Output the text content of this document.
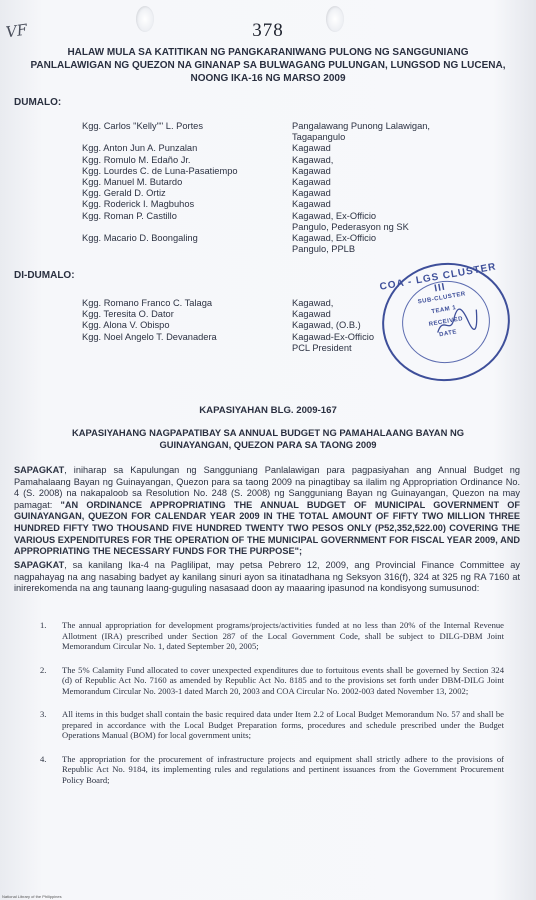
VF	378
HALAW MULA SA KATITIKAN NG PANGKARANIWANG PULONG NG SANGGUNIANG PANLALAWIGAN NG QUEZON NA GINANAP SA BULWAGANG PULUNGAN, LUNGSOD NG LUCENA, NOONG IKA-16 NG MARSO 2009
DUMALO:
Kgg. Carlos "Kelly"" L. Portes	Pangalawang Punong Lalawigan,
Tagapangulo
Kgg. Anton Jun A. Punzalan	Kagawad
Kgg. Romulo M. Edaño Jr.	Kagawad,
Kgg. Lourdes C. de Luna-Pasatiempo	Kagawad
Kgg. Manuel M. Butardo	Kagawad
Kgg. Gerald D. Ortiz	Kagawad
Kgg. Roderick I. Magbuhos	Kagawad
Kgg. Roman P. Castillo	Kagawad, Ex-Officio
Pangulo, Pederasyon ng SK
Kgg. Macario D. Boongaling	Kagawad, Ex-Officio
Pangulo, PPLB
DI-DUMALO:
Kgg. Romano Franco C. Talaga	Kagawad,
Kgg. Teresita O. Dator	Kagawad
Kgg. Alona V. Obispo	Kagawad, (O.B.)
Kgg. Noel Angelo T. Devanadera	Kagawad-Ex-Officio
PCL President
COA - LGS CLUSTER III
SUB-CLUSTER
TEAM 1
RECEIVED
DATE
KAPASIYAHAN BLG. 2009-167
KAPASIYAHANG NAGPAPATIBAY SA ANNUAL BUDGET NG PAMAHALAANG BAYAN NG GUINAYANGAN, QUEZON PARA SA TAONG 2009
SAPAGKAT, iniharap sa Kapulungan ng Sangguniang Panlalawigan para pagpasiyahan ang Annual Budget ng Pamahalaang Bayan ng Guinayangan, Quezon para sa taong 2009 na pinagtibay sa ilalim ng Appropriation Ordinance No. 4 (S. 2008) na nakapaloob sa Resolution No. 248 (S. 2008) ng Sangguniang Bayan ng Guinayangan, Quezon na may pamagat: "AN ORDINANCE APPROPRIATING THE ANNUAL BUDGET OF MUNICIPAL GOVERNMENT OF GUINAYANGAN, QUEZON FOR CALENDAR YEAR 2009 IN THE TOTAL AMOUNT OF FIFTY TWO MILLION THREE HUNDRED FIFTY TWO THOUSAND FIVE HUNDRED TWENTY TWO PESOS ONLY (P52,352,522.00) COVERING THE VARIOUS EXPENDITURES FOR THE OPERATION OF THE MUNICIPAL GOVERNMENT FOR FISCAL YEAR 2009, AND APPROPRIATING THE NECESSARY FUNDS FOR THE PURPOSE";
SAPAGKAT, sa kanilang Ika-4 na Paglilipat, may petsa Pebrero 12, 2009, ang Provincial Finance Committee ay nagpahayag na ang nasabing badyet ay kanilang sinuri ayon sa itinatadhana ng Seksyon 316(f), 324 at 325 ng RA 7160 at inirerekomenda na ang taunang laang-guguling nasasaad doon ay maaaring ipasunod na kondisyong sumusunod:
1.	The annual appropriation for development programs/projects/activities funded at no less than 20% of the Internal Revenue Allotment (IRA) prescribed under Section 287 of the Local Government Code, shall be subject to DILG-DBM Joint Memorandum Circular No. 1, dated September 20, 2005;
2.	The 5% Calamity Fund allocated to cover unexpected expenditures due to fortuitous events shall be governed by Section 324 (d) of Republic Act No. 7160 as amended by Republic Act No. 8185 and to the provisions set forth under DBM-DILG Joint Memorandum Circular No. 2003-1 dated March 20, 2003 and COA Circular No. 2002-003 dated November 13, 2002;
3.	All items in this budget shall contain the basic required data under Item 2.2 of Local Budget Memorandum No. 57 and shall be prepared in accordance with the Local Budget Preparation forms, procedures and schedule prescribed under the Budget Operations Manual (BOM) for local government units;
4.	The appropriation for the procurement of infrastructure projects and equipment shall strictly adhere to the provisions of Republic Act No. 9184, its implementing rules and regulations and pertinent issuances from the Government Procurement Policy Board;
National Library of the Philippines
